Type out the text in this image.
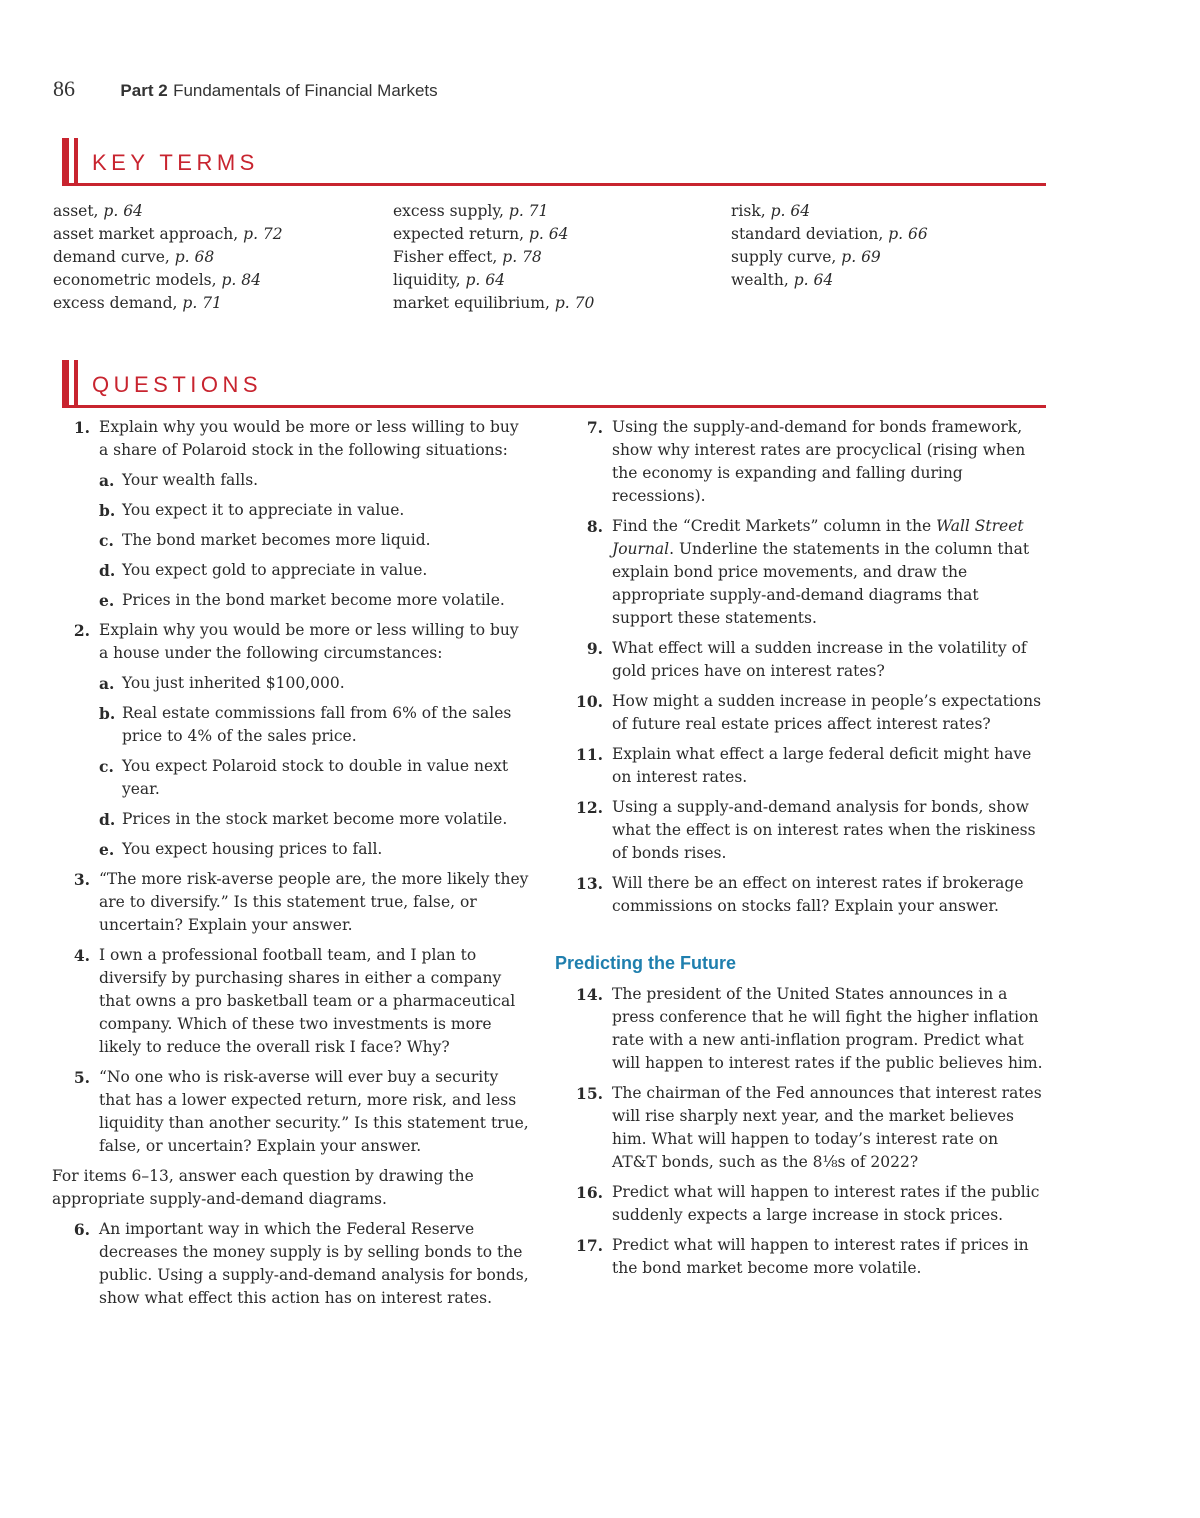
86	Part 2 Fundamentals of Financial Markets
KEY TERMS
asset, p. 64
asset market approach, p. 72
demand curve, p. 68
econometric models, p. 84
excess demand, p. 71
excess supply, p. 71
expected return, p. 64
Fisher effect, p. 78
liquidity, p. 64
market equilibrium, p. 70
risk, p. 64
standard deviation, p. 66
supply curve, p. 69
wealth, p. 64
QUESTIONS
1. Explain why you would be more or less willing to buy a share of Polaroid stock in the following situations:
a. Your wealth falls.
b. You expect it to appreciate in value.
c. The bond market becomes more liquid.
d. You expect gold to appreciate in value.
e. Prices in the bond market become more volatile.
2. Explain why you would be more or less willing to buy a house under the following circumstances:
a. You just inherited $100,000.
b. Real estate commissions fall from 6% of the sales price to 4% of the sales price.
c. You expect Polaroid stock to double in value next year.
d. Prices in the stock market become more volatile.
e. You expect housing prices to fall.
3. “The more risk-averse people are, the more likely they are to diversify.” Is this statement true, false, or uncertain? Explain your answer.
4. I own a professional football team, and I plan to diversify by purchasing shares in either a company that owns a pro basketball team or a pharmaceutical company. Which of these two investments is more likely to reduce the overall risk I face? Why?
5. “No one who is risk-averse will ever buy a security that has a lower expected return, more risk, and less liquidity than another security.” Is this statement true, false, or uncertain? Explain your answer.
For items 6–13, answer each question by drawing the appropriate supply-and-demand diagrams.
6. An important way in which the Federal Reserve decreases the money supply is by selling bonds to the public. Using a supply-and-demand analysis for bonds, show what effect this action has on interest rates.
7. Using the supply-and-demand for bonds framework, show why interest rates are procyclical (rising when the economy is expanding and falling during recessions).
8. Find the “Credit Markets” column in the Wall Street Journal. Underline the statements in the column that explain bond price movements, and draw the appropriate supply-and-demand diagrams that support these statements.
9. What effect will a sudden increase in the volatility of gold prices have on interest rates?
10. How might a sudden increase in people’s expectations of future real estate prices affect interest rates?
11. Explain what effect a large federal deficit might have on interest rates.
12. Using a supply-and-demand analysis for bonds, show what the effect is on interest rates when the riskiness of bonds rises.
13. Will there be an effect on interest rates if brokerage commissions on stocks fall? Explain your answer.
Predicting the Future
14. The president of the United States announces in a press conference that he will fight the higher inflation rate with a new anti-inflation program. Predict what will happen to interest rates if the public believes him.
15. The chairman of the Fed announces that interest rates will rise sharply next year, and the market believes him. What will happen to today’s interest rate on AT&T bonds, such as the 8⅛s of 2022?
16. Predict what will happen to interest rates if the public suddenly expects a large increase in stock prices.
17. Predict what will happen to interest rates if prices in the bond market become more volatile.
